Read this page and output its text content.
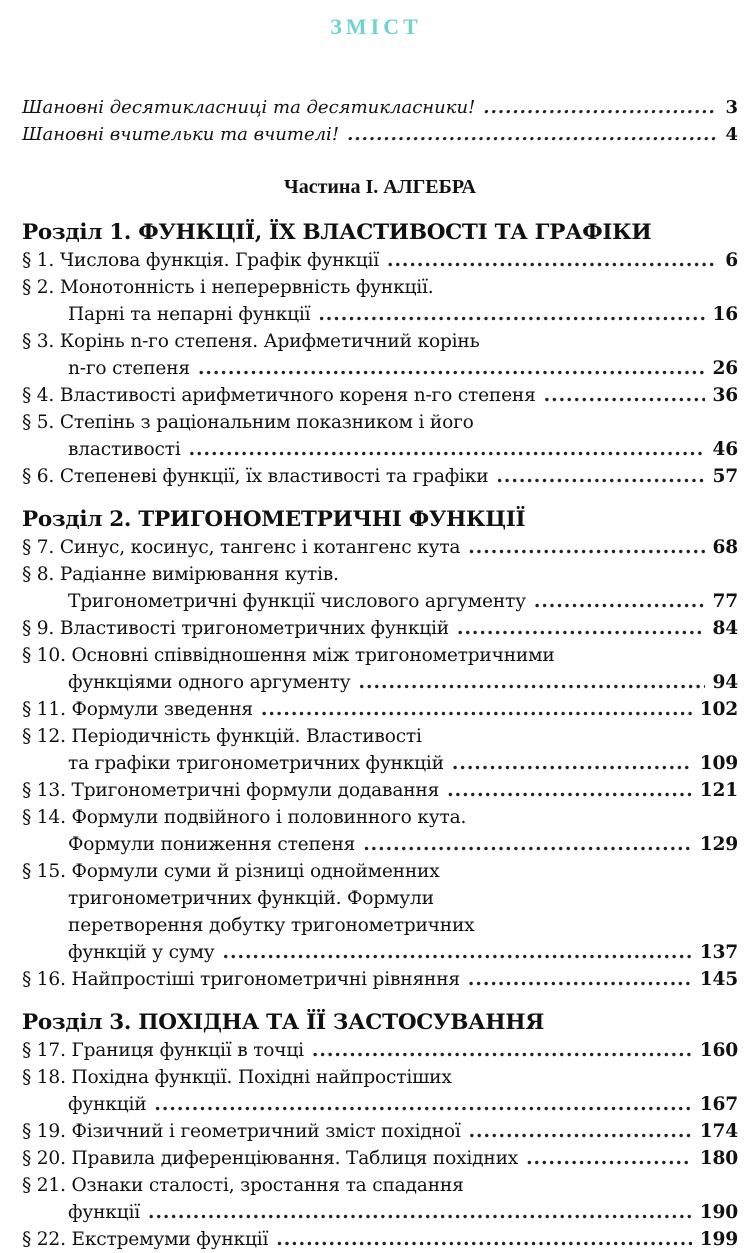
ЗМІСТ
Шановні десятикласниці та десятикласники! .....	3
Шановні вчительки та вчителі! .....	4
Частина І. АЛГЕБРА
Розділ 1. ФУНКЦІЇ, ЇХ ВЛАСТИВОСТІ ТА ГРАФІКИ
§ 1. Числова функція. Графік функції .....	6
§ 2. Монотонність і неперервність функції.
Парні та непарні функції .....	16
§ 3. Корінь n-го степеня. Арифметичний корінь
n-го степеня .....	26
§ 4. Властивості арифметичного кореня n-го степеня .....	36
§ 5. Степінь з раціональним показником і його
властивості .....	46
§ 6. Степеневі функції, їх властивості та графіки .....	57
Розділ 2. ТРИГОНОМЕТРИЧНІ ФУНКЦІЇ
§ 7. Синус, косинус, тангенс і котангенс кута .....	68
§ 8. Радіанне вимірювання кутів.
Тригонометричні функції числового аргументу .....	77
§ 9. Властивості тригонометричних функцій .....	84
§ 10. Основні співвідношення між тригонометричними
функціями одного аргументу .....	94
§ 11. Формули зведення .....	102
§ 12. Періодичність функцій. Властивості
та графіки тригонометричних функцій .....	109
§ 13. Тригонометричні формули додавання .....	121
§ 14. Формули подвійного і половинного кута.
Формули пониження степеня .....	129
§ 15. Формули суми й різниці однойменних
тригонометричних функцій. Формули
перетворення добутку тригонометричних
функцій у суму .....	137
§ 16. Найпростіші тригонометричні рівняння .....	145
Розділ 3. ПОХІДНА ТА ЇЇ ЗАСТОСУВАННЯ
§ 17. Границя функції в точці .....	160
§ 18. Похідна функції. Похідні найпростіших
функцій .....	167
§ 19. Фізичний і геометричний зміст похідної .....	174
§ 20. Правила диференціювання. Таблиця похідних .....	180
§ 21. Ознаки сталості, зростання та спадання
функції .....	190
§ 22. Екстремуми функції .....	199
